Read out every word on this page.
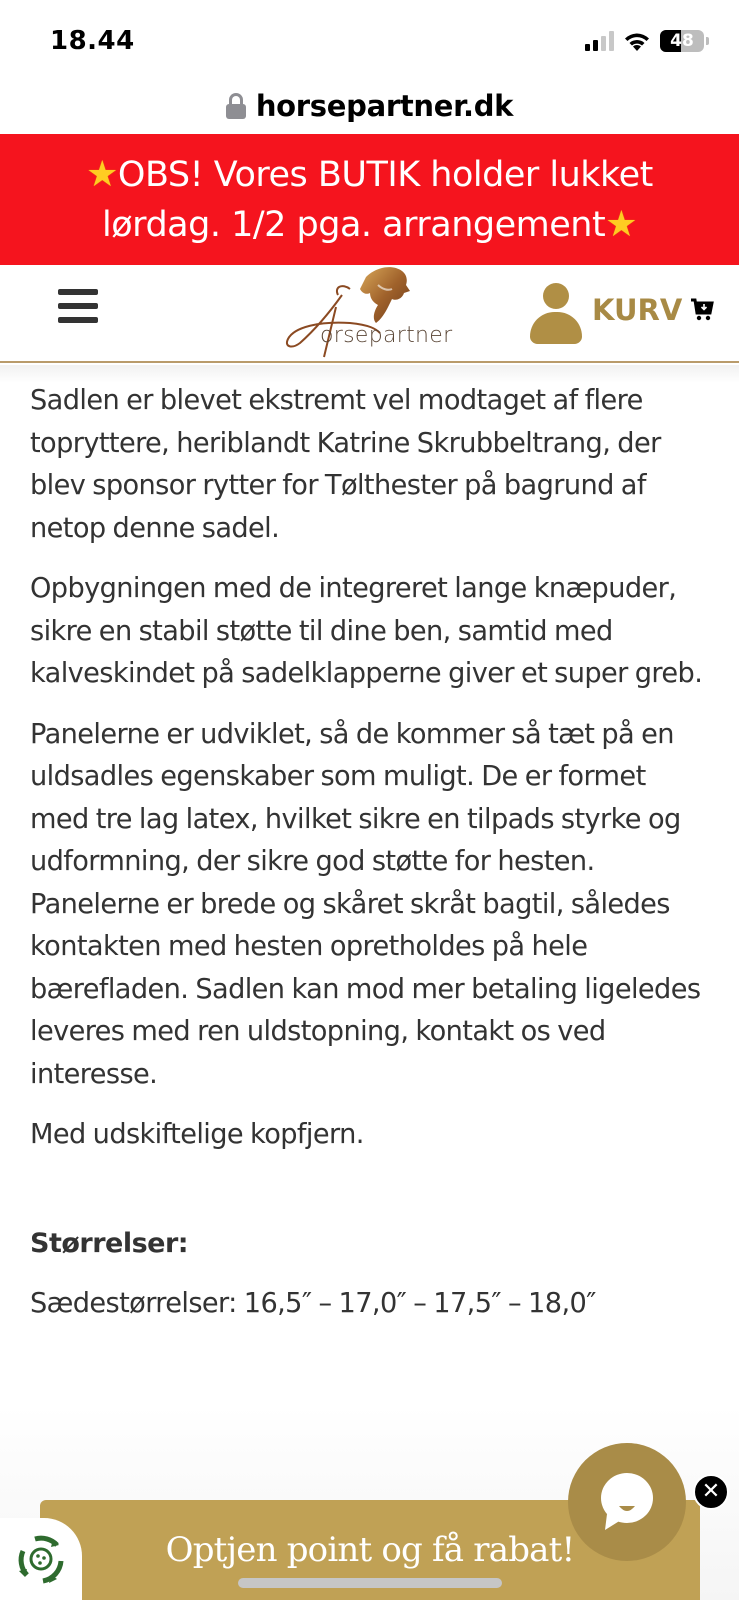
18.44	48
horsepartner.dk
★OBS! Vores BUTIK holder lukket
lørdag. 1/2 pga. arrangement★
orsepartner
KURV

Sadlen er blevet ekstremt vel modtaget af flere topryttere, heriblandt Katrine Skrubbeltrang, der blev sponsor rytter for Tølthester på bagrund af netop denne sadel.

Opbygningen med de integreret lange knæpuder, sikre en stabil støtte til dine ben, samtid med kalveskindet på sadelklapperne giver et super greb.

Panelerne er udviklet, så de kommer så tæt på en uldsadles egenskaber som muligt. De er formet med tre lag latex, hvilket sikre en tilpads styrke og udformning, der sikre god støtte for hesten. Panelerne er brede og skåret skråt bagtil, således kontakten med hesten opretholdes på hele bærefladen. Sadlen kan mod mer betaling ligeledes leveres med ren uldstopning, kontakt os ved interesse.

Med udskiftelige kopfjern.

Størrelser:

Sædestørrelser: 16,5″ – 17,0″ – 17,5″ – 18,0″

Optjen point og få rabat!
✕
